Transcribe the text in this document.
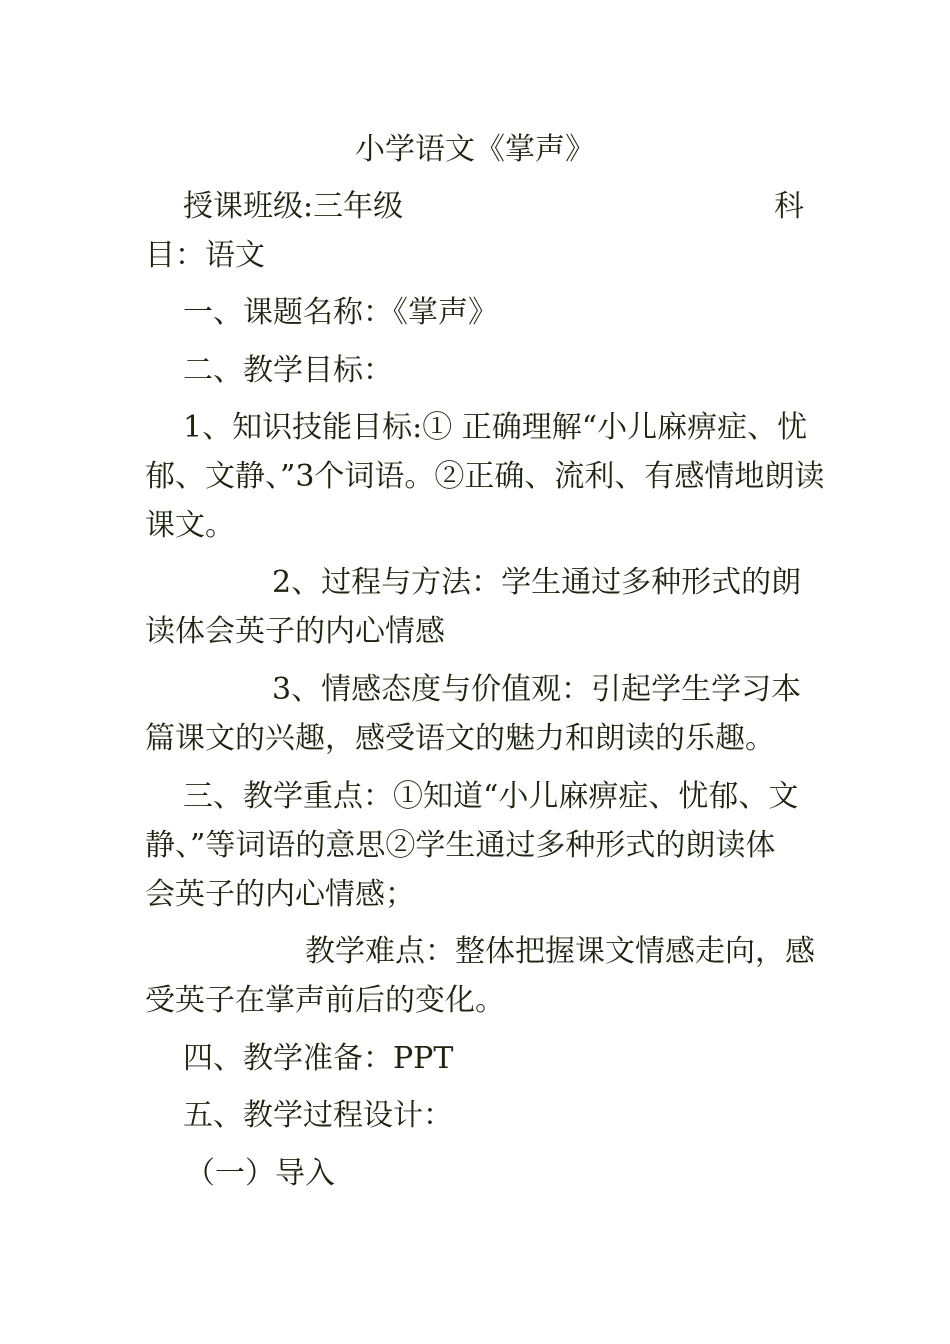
小学语文《掌声》

授课班级:三年级	科

目：语文

一、课题名称：《掌声》

二、教学目标：

1、知识技能目标:① 正确理解“小儿麻痹症、忧

郁、文静、”3个词语。②正确、流利、有感情地朗读

课文。

2、过程与方法：学生通过多种形式的朗

读体会英子的内心情感

3、情感态度与价值观：引起学生学习本

篇课文的兴趣，感受语文的魅力和朗读的乐趣。

三、教学重点：①知道“小儿麻痹症、忧郁、文

静、”等词语的意思②学生通过多种形式的朗读体

会英子的内心情感；

教学难点：整体把握课文情感走向，感

受英子在掌声前后的变化。

四、教学准备：PPT

五、教学过程设计：

（一）导入
